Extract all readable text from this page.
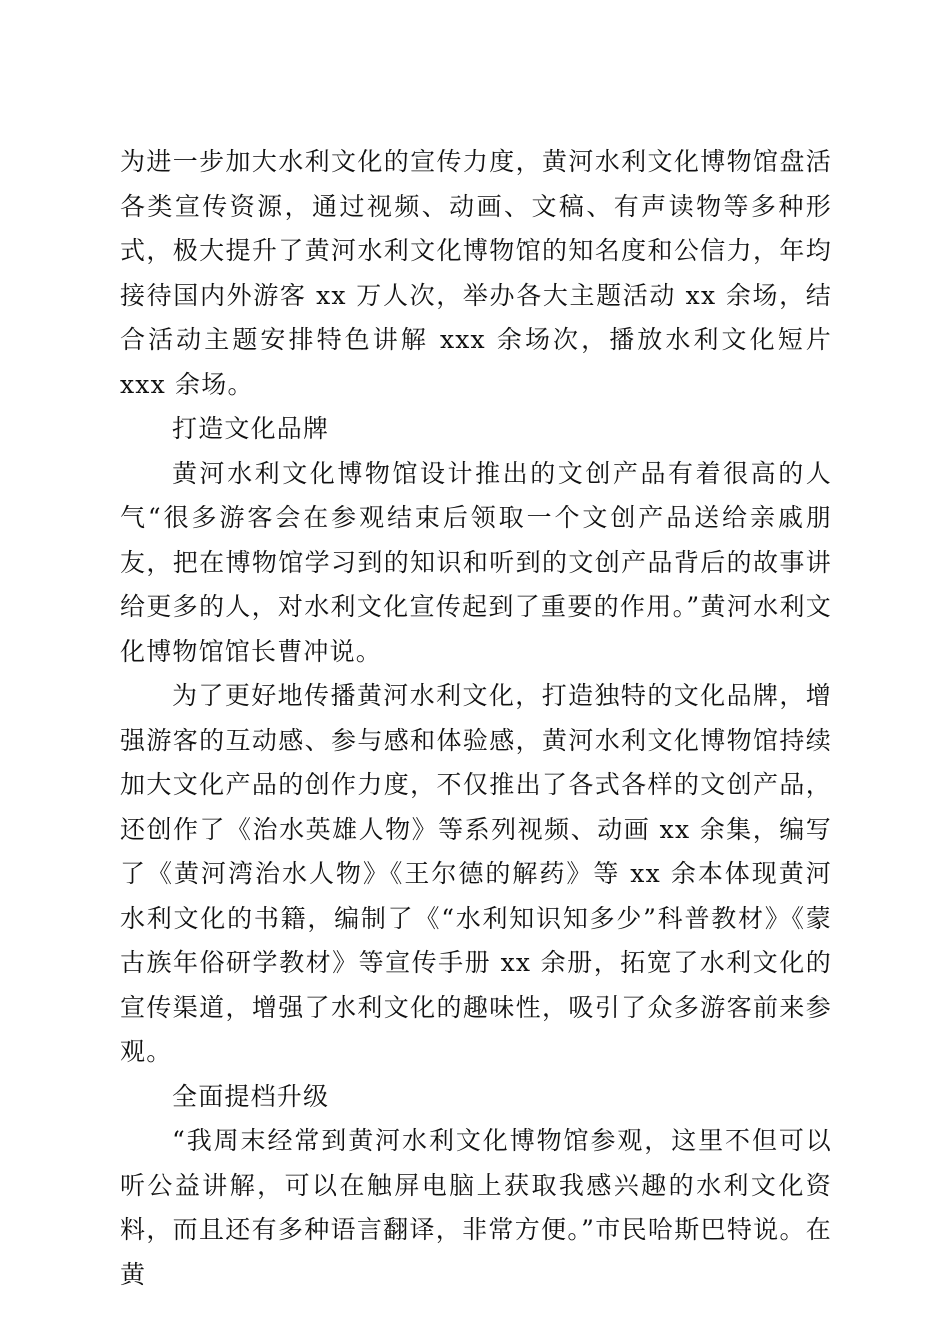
为进一步加大水利文化的宣传力度，黄河水利文化博物馆盘活各类宣传资源，通过视频、动画、文稿、有声读物等多种形式，极大提升了黄河水利文化博物馆的知名度和公信力，年均接待国内外游客 xx 万人次，举办各大主题活动 xx 余场，结合活动主题安排特色讲解 xxx 余场次，播放水利文化短片 xxx 余场。

打造文化品牌

黄河水利文化博物馆设计推出的文创产品有着很高的人气“很多游客会在参观结束后领取一个文创产品送给亲戚朋友，把在博物馆学习到的知识和听到的文创产品背后的故事讲给更多的人，对水利文化宣传起到了重要的作用。”黄河水利文化博物馆馆长曹冲说。

为了更好地传播黄河水利文化，打造独特的文化品牌，增强游客的互动感、参与感和体验感，黄河水利文化博物馆持续加大文化产品的创作力度，不仅推出了各式各样的文创产品，还创作了《治水英雄人物》等系列视频、动画 xx 余集，编写了《黄河湾治水人物》《王尔德的解药》等 xx 余本体现黄河水利文化的书籍，编制了《“水利知识知多少”科普教材》《蒙古族年俗研学教材》等宣传手册 xx 余册，拓宽了水利文化的宣传渠道，增强了水利文化的趣味性，吸引了众多游客前来参观。

全面提档升级

“我周末经常到黄河水利文化博物馆参观，这里不但可以听公益讲解，可以在触屏电脑上获取我感兴趣的水利文化资料，而且还有多种语言翻译，非常方便。”市民哈斯巴特说。在黄
